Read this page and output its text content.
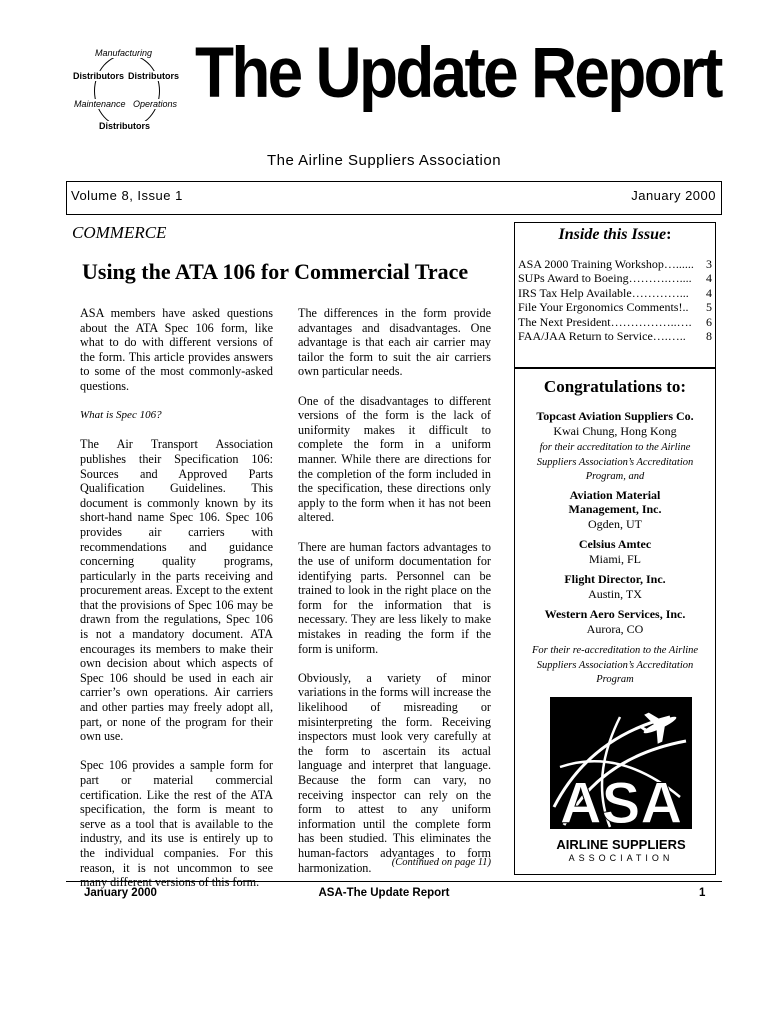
Manufacturing
Distributors Distributors
Maintenance Operations
Distributors
The Update Report
The Airline Suppliers Association
Volume 8, Issue 1	January 2000
COMMERCE
Using the ATA 106 for Commercial Trace

ASA members have asked questions about the ATA Spec 106 form, like what to do with different versions of the form. This article provides answers to some of the most commonly-asked questions.

What is Spec 106?

The Air Transport Association publishes their Specification 106: Sources and Approved Parts Qualification Guidelines. This document is commonly known by its short-hand name Spec 106. Spec 106 provides air carriers with recommendations and guidance concerning quality programs, particularly in the parts receiving and procurement areas. Except to the extent that the provisions of Spec 106 may be drawn from the regulations, Spec 106 is not a mandatory document. ATA encourages its members to make their own decision about which aspects of Spec 106 should be used in each air carrier’s own operations. Air carriers and other parties may freely adopt all, part, or none of the program for their own use.

Spec 106 provides a sample form for part or material commercial certification. Like the rest of the ATA specification, the form is meant to serve as a tool that is available to the industry, and its use is entirely up to the individual companies. For this reason, it is not uncommon to see many different versions of this form.

The differences in the form provide advantages and disadvantages. One advantage is that each air carrier may tailor the form to suit the air carriers own particular needs.

One of the disadvantages to different versions of the form is the lack of uniformity makes it difficult to complete the form in a uniform manner. While there are directions for the completion of the form included in the specification, these directions only apply to the form when it has not been altered.

There are human factors advantages to the use of uniform documentation for identifying parts. Personnel can be trained to look in the right place on the form for the information that is necessary. They are less likely to make mistakes in reading the form if the form is uniform.

Obviously, a variety of minor variations in the forms will increase the likelihood of misreading or misinterpreting the form. Receiving inspectors must look very carefully at the form to ascertain its actual language and interpret that language. Because the form can vary, no receiving inspector can rely on the form to attest to any uniform information until the complete form has been studied. This eliminates the human-factors advantages to form harmonization.	(Continued on page 11)
Inside this Issue:
ASA 2000 Training Workshop …......	3
SUPs Award to Boeing ……….…....	4
IRS Tax Help Available …………...	4
File Your Ergonomics Comments! ..	5
The Next President ……………..….	6
FAA/JAA Return to Service ….…..	8
Congratulations to:
Topcast Aviation Suppliers Co.
Kwai Chung, Hong Kong
for their accreditation to the Airline Suppliers Association’s Accreditation Program, and
Aviation Material Management, Inc.
Ogden, UT
Celsius Amtec
Miami, FL
Flight Director, Inc.
Austin, TX
Western Aero Services, Inc.
Aurora, CO
For their re-accreditation to the Airline Suppliers Association’s Accreditation Program
ASA
AIRLINE SUPPLIERS
ASSOCIATION
January 2000	ASA-The Update Report	1
